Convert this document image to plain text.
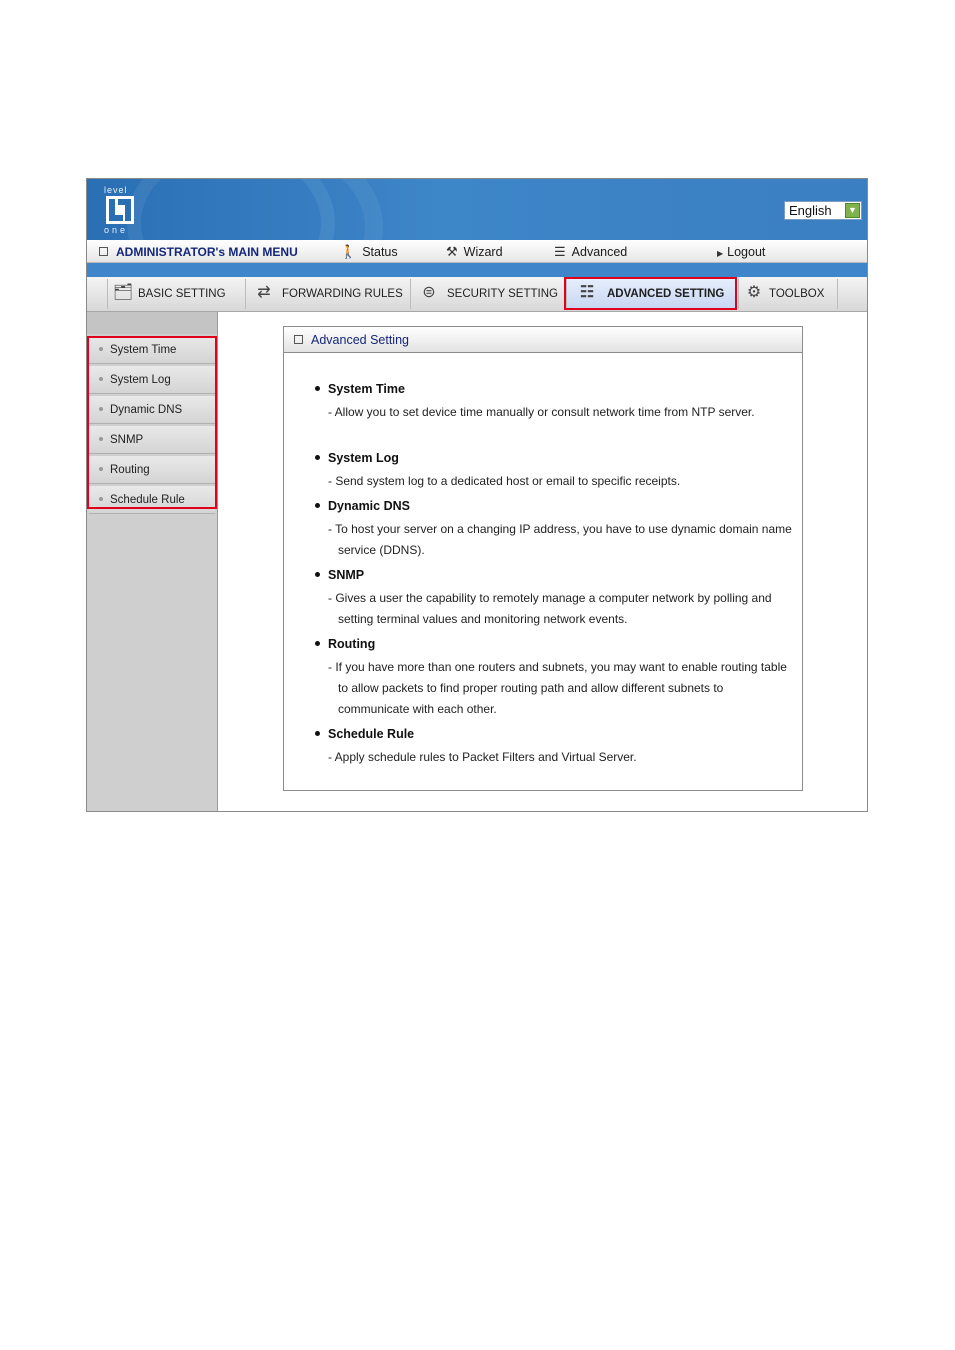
level
one
English	▼
ADMINISTRATOR's MAIN MENU	🚶 Status	⚒ Wizard	☰ Advanced	▶ Logout
🗂 BASIC SETTING	⇄ FORWARDING RULES	⊜ SECURITY SETTING	☷ ADVANCED SETTING	⚙ TOOLBOX
System Time
System Log
Dynamic DNS
SNMP
Routing
Schedule Rule
Advanced Setting
System Time
- Allow you to set device time manually or consult network time from NTP server.
System Log
- Send system log to a dedicated host or email to specific receipts.
Dynamic DNS
- To host your server on a changing IP address, you have to use dynamic domain name service (DDNS).
SNMP
- Gives a user the capability to remotely manage a computer network by polling and setting terminal values and monitoring network events.
Routing
- If you have more than one routers and subnets, you may want to enable routing table to allow packets to find proper routing path and allow different subnets to communicate with each other.
Schedule Rule
- Apply schedule rules to Packet Filters and Virtual Server.
